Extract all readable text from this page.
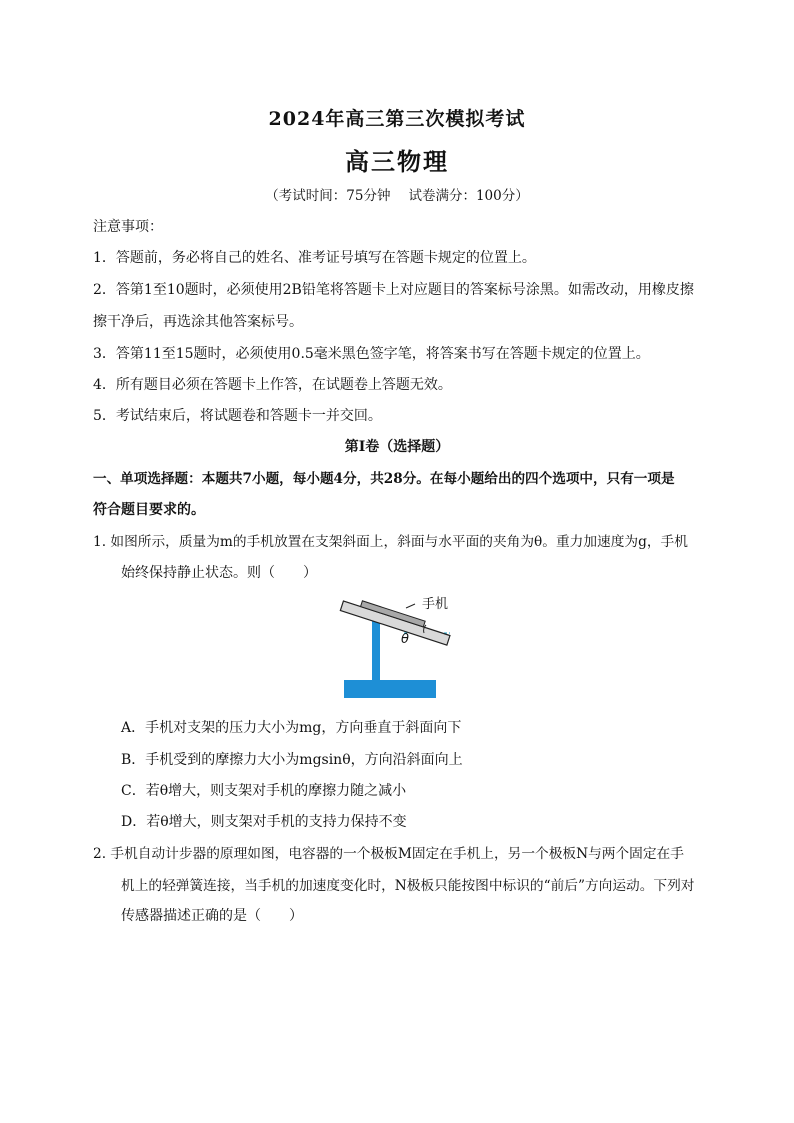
2024年高三第三次模拟考试
高三物理
（考试时间：75分钟 试卷满分：100分）
注意事项：
1．答题前，务必将自己的姓名、准考证号填写在答题卡规定的位置上。
2．答第1至10题时，必须使用2B铅笔将答题卡上对应题目的答案标号涂黑。如需改动，用橡皮擦
擦干净后，再选涂其他答案标号。
3．答第11至15题时，必须使用0.5毫米黑色签字笔，将答案书写在答题卡规定的位置上。
4．所有题目必须在答题卡上作答，在试题卷上答题无效。
5．考试结束后，将试题卷和答题卡一并交回。
第Ⅰ卷（选择题）
一、单项选择题：本题共7小题，每小题4分，共28分。在每小题给出的四个选项中，只有一项是
符合题目要求的。
1. 如图所示，质量为m的手机放置在支架斜面上，斜面与水平面的夹角为θ。重力加速度为g，手机
始终保持静止状态。则（　　）
手机
θ
A．手机对支架的压力大小为mg，方向垂直于斜面向下
B．手机受到的摩擦力大小为mgsinθ，方向沿斜面向上
C．若θ增大，则支架对手机的摩擦力随之减小
D．若θ增大，则支架对手机的支持力保持不变
2. 手机自动计步器的原理如图，电容器的一个极板M固定在手机上，另一个极板N与两个固定在手
机上的轻弹簧连接，当手机的加速度变化时，N极板只能按图中标识的“前后”方向运动。下列对
传感器描述正确的是（　　）
